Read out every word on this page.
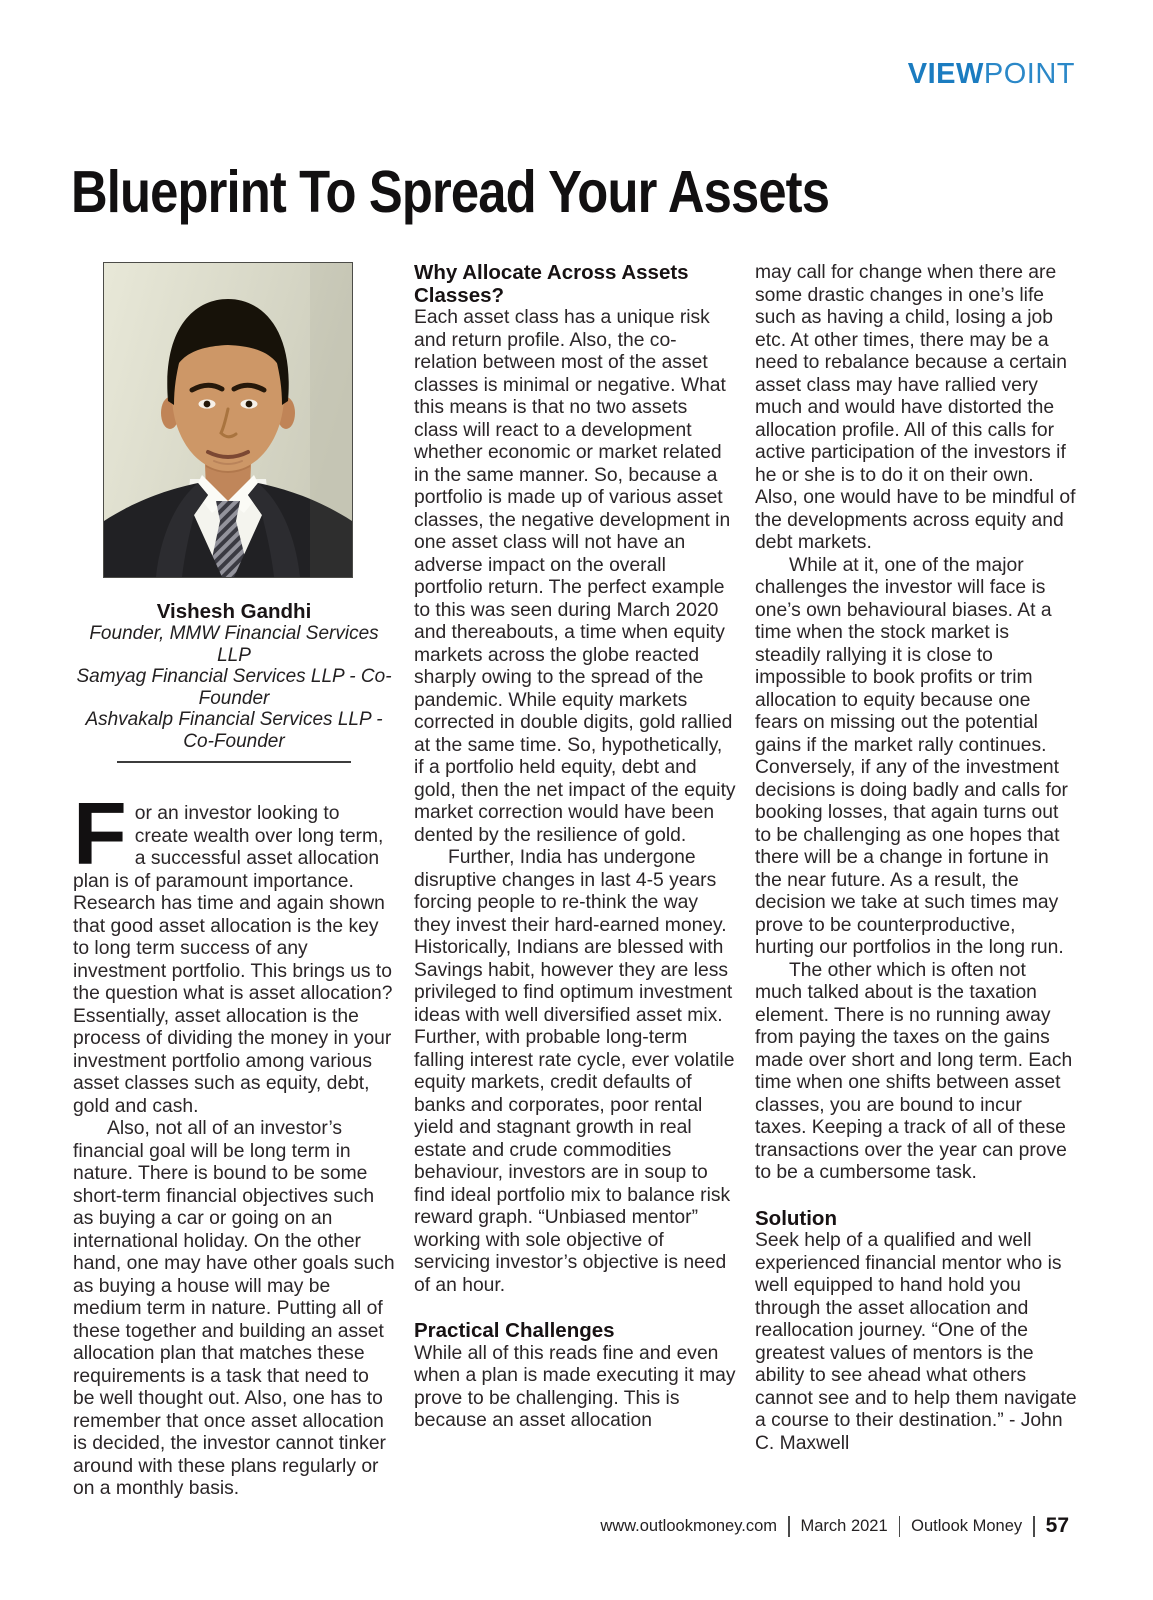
VIEWPOINT
Blueprint To Spread Your Assets
Vishesh Gandhi
Founder, MMW Financial Services LLP
Samyag Financial Services LLP - Co-Founder
Ashvakalp Financial Services LLP - Co-Founder
For an investor looking to create wealth over long term, a successful asset allocation plan is of paramount importance. Research has time and again shown that good asset allocation is the key to long term success of any investment portfolio. This brings us to the question what is asset allocation? Essentially, asset allocation is the process of dividing the money in your investment portfolio among various asset classes such as equity, debt, gold and cash.

Also, not all of an investor’s financial goal will be long term in nature. There is bound to be some short-term financial objectives such as buying a car or going on an international holiday. On the other hand, one may have other goals such as buying a house will may be medium term in nature. Putting all of these together and building an asset allocation plan that matches these requirements is a task that need to be well thought out. Also, one has to remember that once asset allocation is decided, the investor cannot tinker around with these plans regularly or on a monthly basis.

Why Allocate Across Assets Classes?

Each asset class has a unique risk and return profile. Also, the co-relation between most of the asset classes is minimal or negative. What this means is that no two assets class will react to a development whether economic or market related in the same manner. So, because a portfolio is made up of various asset classes, the negative development in one asset class will not have an adverse impact on the overall portfolio return. The perfect example to this was seen during March 2020 and thereabouts, a time when equity markets across the globe reacted sharply owing to the spread of the pandemic. While equity markets corrected in double digits, gold rallied at the same time. So, hypothetically, if a portfolio held equity, debt and gold, then the net impact of the equity market correction would have been dented by the resilience of gold.

Further, India has undergone disruptive changes in last 4-5 years forcing people to re-think the way they invest their hard-earned money. Historically, Indians are blessed with Savings habit, however they are less privileged to find optimum investment ideas with well diversified asset mix. Further, with probable long-term falling interest rate cycle, ever volatile equity markets, credit defaults of banks and corporates, poor rental yield and stagnant growth in real estate and crude commodities behaviour, investors are in soup to find ideal portfolio mix to balance risk reward graph. “Unbiased mentor” working with sole objective of servicing investor’s objective is need of an hour.

Practical Challenges

While all of this reads fine and even when a plan is made executing it may prove to be challenging. This is because an asset allocation

may call for change when there are some drastic changes in one’s life such as having a child, losing a job etc. At other times, there may be a need to rebalance because a certain asset class may have rallied very much and would have distorted the allocation profile. All of this calls for active participation of the investors if he or she is to do it on their own. Also, one would have to be mindful of the developments across equity and debt markets.

While at it, one of the major challenges the investor will face is one’s own behavioural biases. At a time when the stock market is steadily rallying it is close to impossible to book profits or trim allocation to equity because one fears on missing out the potential gains if the market rally continues. Conversely, if any of the investment decisions is doing badly and calls for booking losses, that again turns out to be challenging as one hopes that there will be a change in fortune in the near future. As a result, the decision we take at such times may prove to be counterproductive, hurting our portfolios in the long run.

The other which is often not much talked about is the taxation element. There is no running away from paying the taxes on the gains made over short and long term. Each time when one shifts between asset classes, you are bound to incur taxes. Keeping a track of all of these transactions over the year can prove to be a cumbersome task.

Solution

Seek help of a qualified and well experienced financial mentor who is well equipped to hand hold you through the asset allocation and reallocation journey. “One of the greatest values of mentors is the ability to see ahead what others cannot see and to help them navigate a course to their destination.” - John C. Maxwell

www.outlookmoney.com March 2021 Outlook Money 57
